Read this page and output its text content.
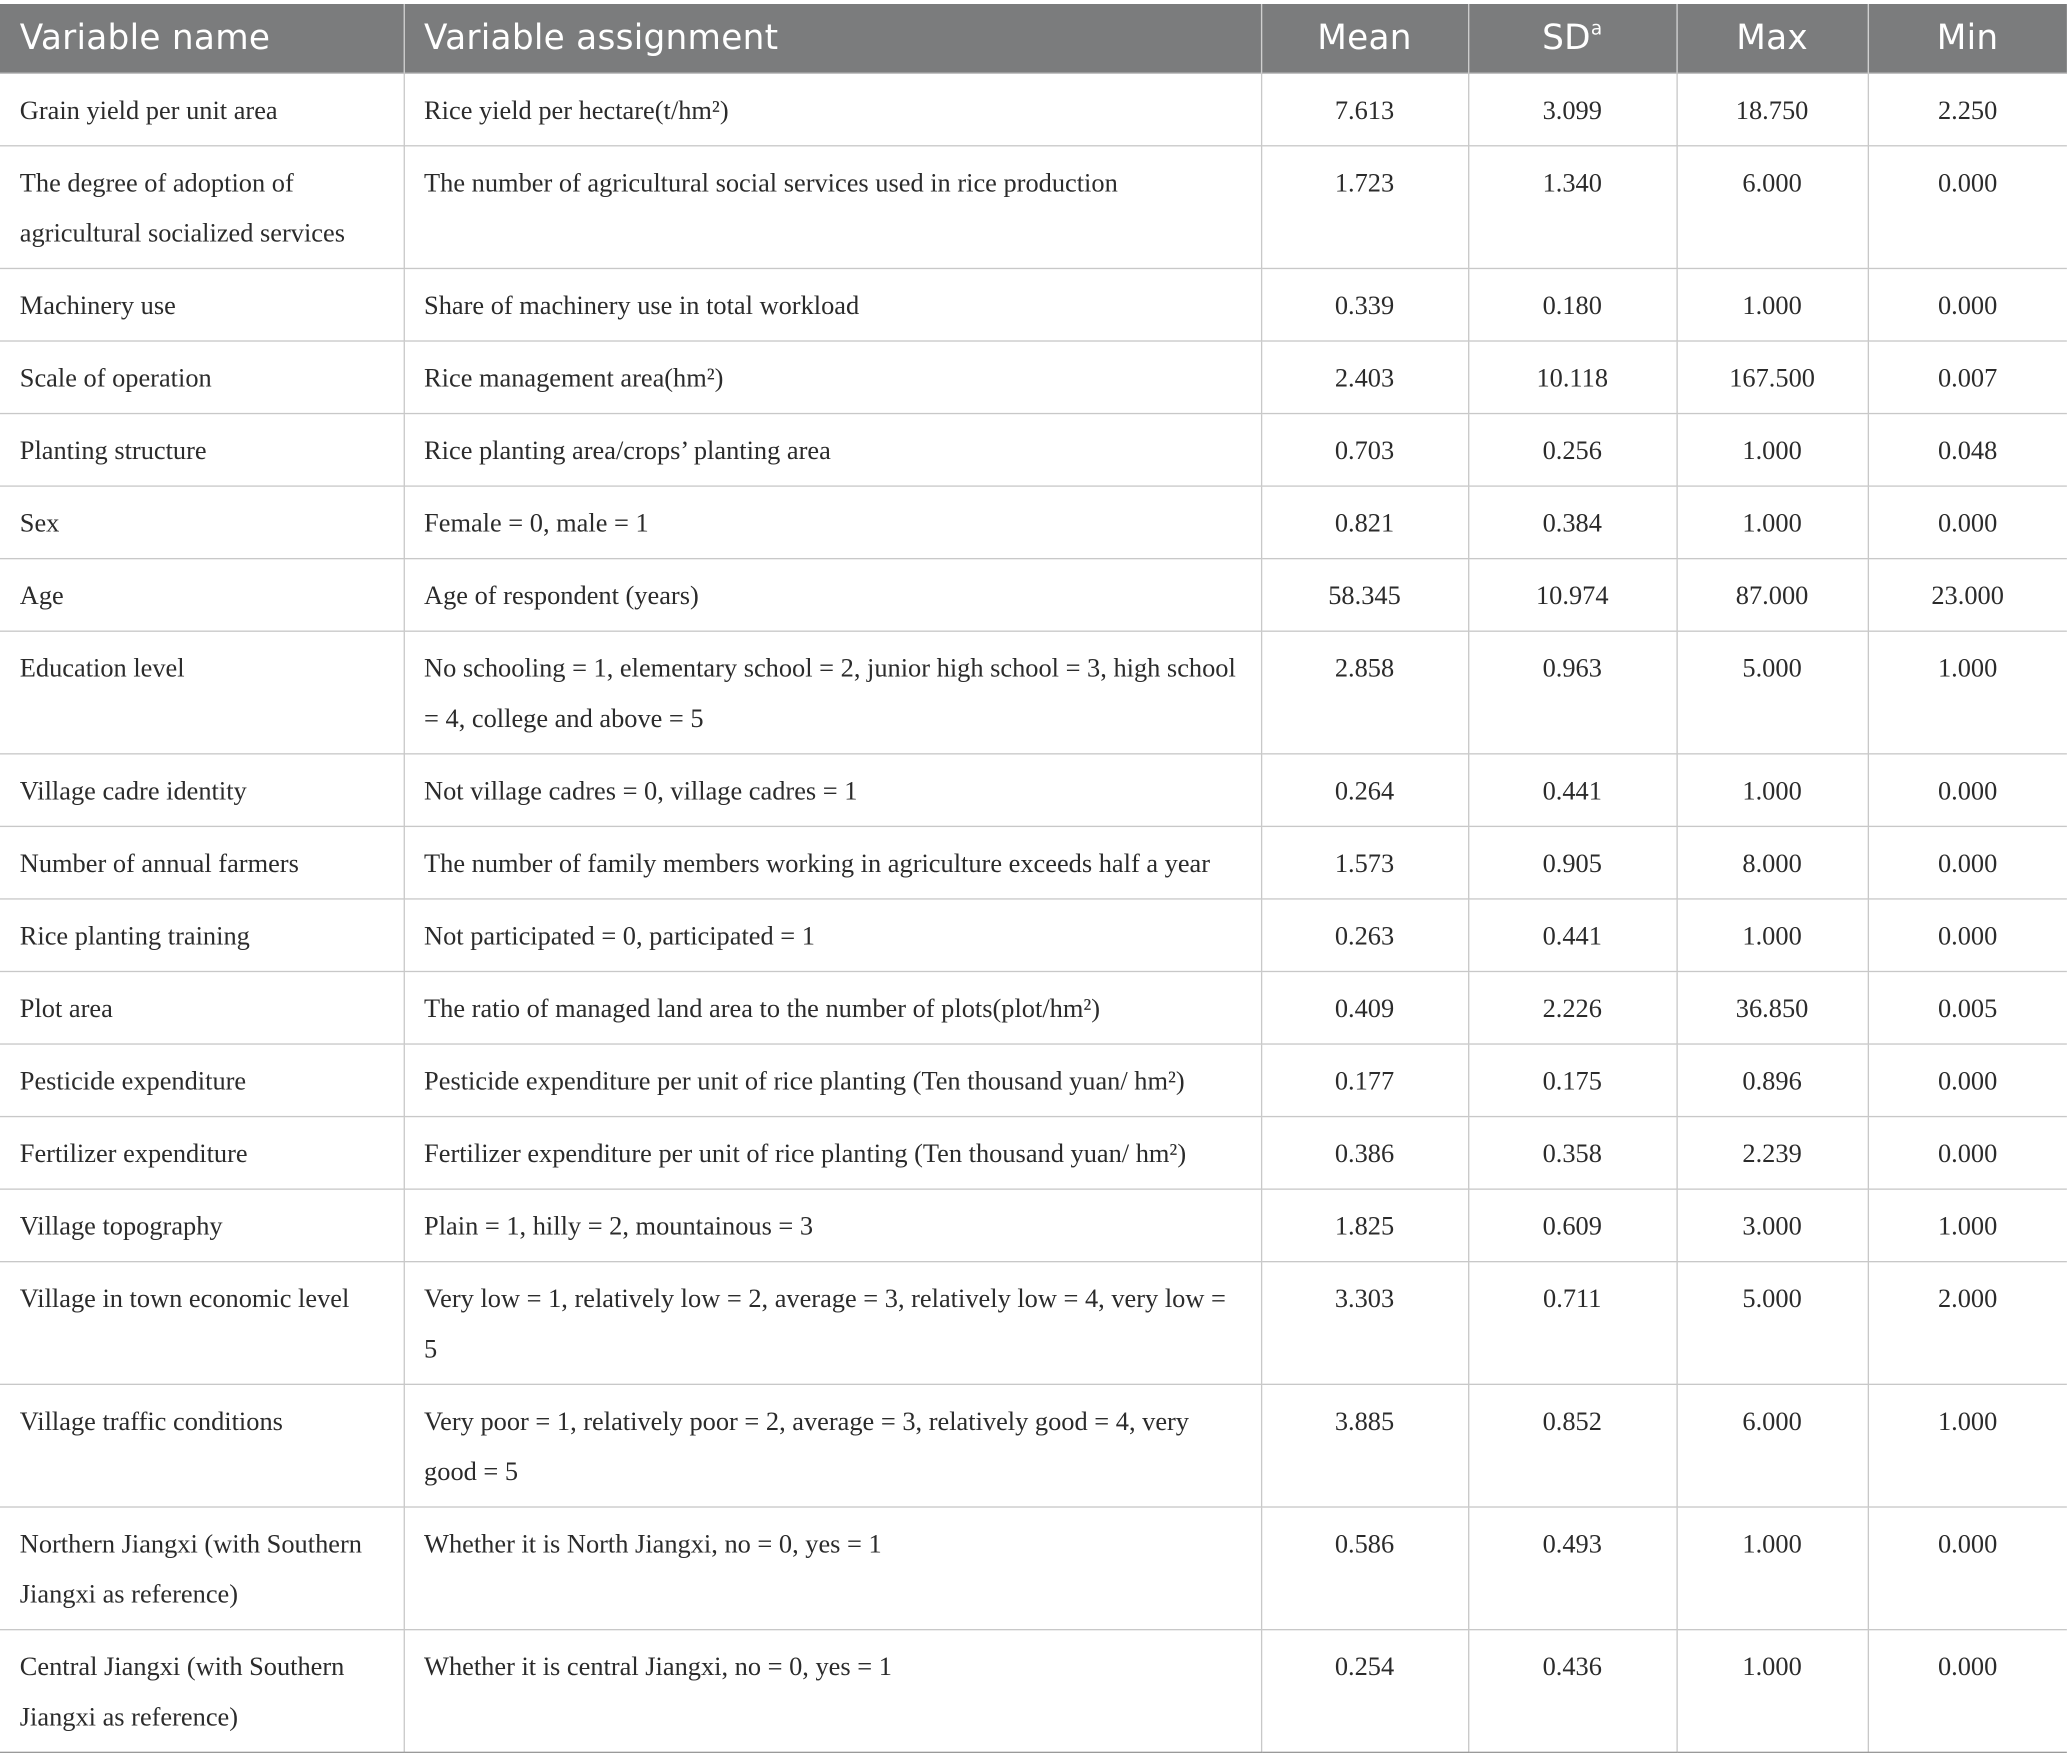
Variable name	Variable assignment	Mean	$SD^a$	Max	Min
Grain yield per unit area	Rice yield per hectare(t/hm²)	7.613	3.099	18.750	2.250
The degree of adoption of agricultural socialized services	The number of agricultural social services used in rice production	1.723	1.340	6.000	0.000
Machinery use	Share of machinery use in total workload	0.339	0.180	1.000	0.000
Scale of operation	Rice management area(hm²)	2.403	10.118	167.500	0.007
Planting structure	Rice planting area/crops’ planting area	0.703	0.256	1.000	0.048
Sex	Female = 0, male = 1	0.821	0.384	1.000	0.000
Age	Age of respondent (years)	58.345	10.974	87.000	23.000
Education level	No schooling = 1, elementary school = 2, junior high school = 3, high school = 4, college and above = 5	2.858	0.963	5.000	1.000
Village cadre identity	Not village cadres = 0, village cadres = 1	0.264	0.441	1.000	0.000
Number of annual farmers	The number of family members working in agriculture exceeds half a year	1.573	0.905	8.000	0.000
Rice planting training	Not participated = 0, participated = 1	0.263	0.441	1.000	0.000
Plot area	The ratio of managed land area to the number of plots(plot/hm²)	0.409	2.226	36.850	0.005
Pesticide expenditure	Pesticide expenditure per unit of rice planting (Ten thousand yuan/ hm²)	0.177	0.175	0.896	0.000
Fertilizer expenditure	Fertilizer expenditure per unit of rice planting (Ten thousand yuan/ hm²)	0.386	0.358	2.239	0.000
Village topography	Plain = 1, hilly = 2, mountainous = 3	1.825	0.609	3.000	1.000
Village in town economic level	Very low = 1, relatively low = 2, average = 3, relatively low = 4, very low = 5	3.303	0.711	5.000	2.000
Village traffic conditions	Very poor = 1, relatively poor = 2, average = 3, relatively good = 4, very good = 5	3.885	0.852	6.000	1.000
Northern Jiangxi (with Southern Jiangxi as reference)	Whether it is North Jiangxi, no = 0, yes = 1	0.586	0.493	1.000	0.000
Central Jiangxi (with Southern Jiangxi as reference)	Whether it is central Jiangxi, no = 0, yes = 1	0.254	0.436	1.000	0.000
